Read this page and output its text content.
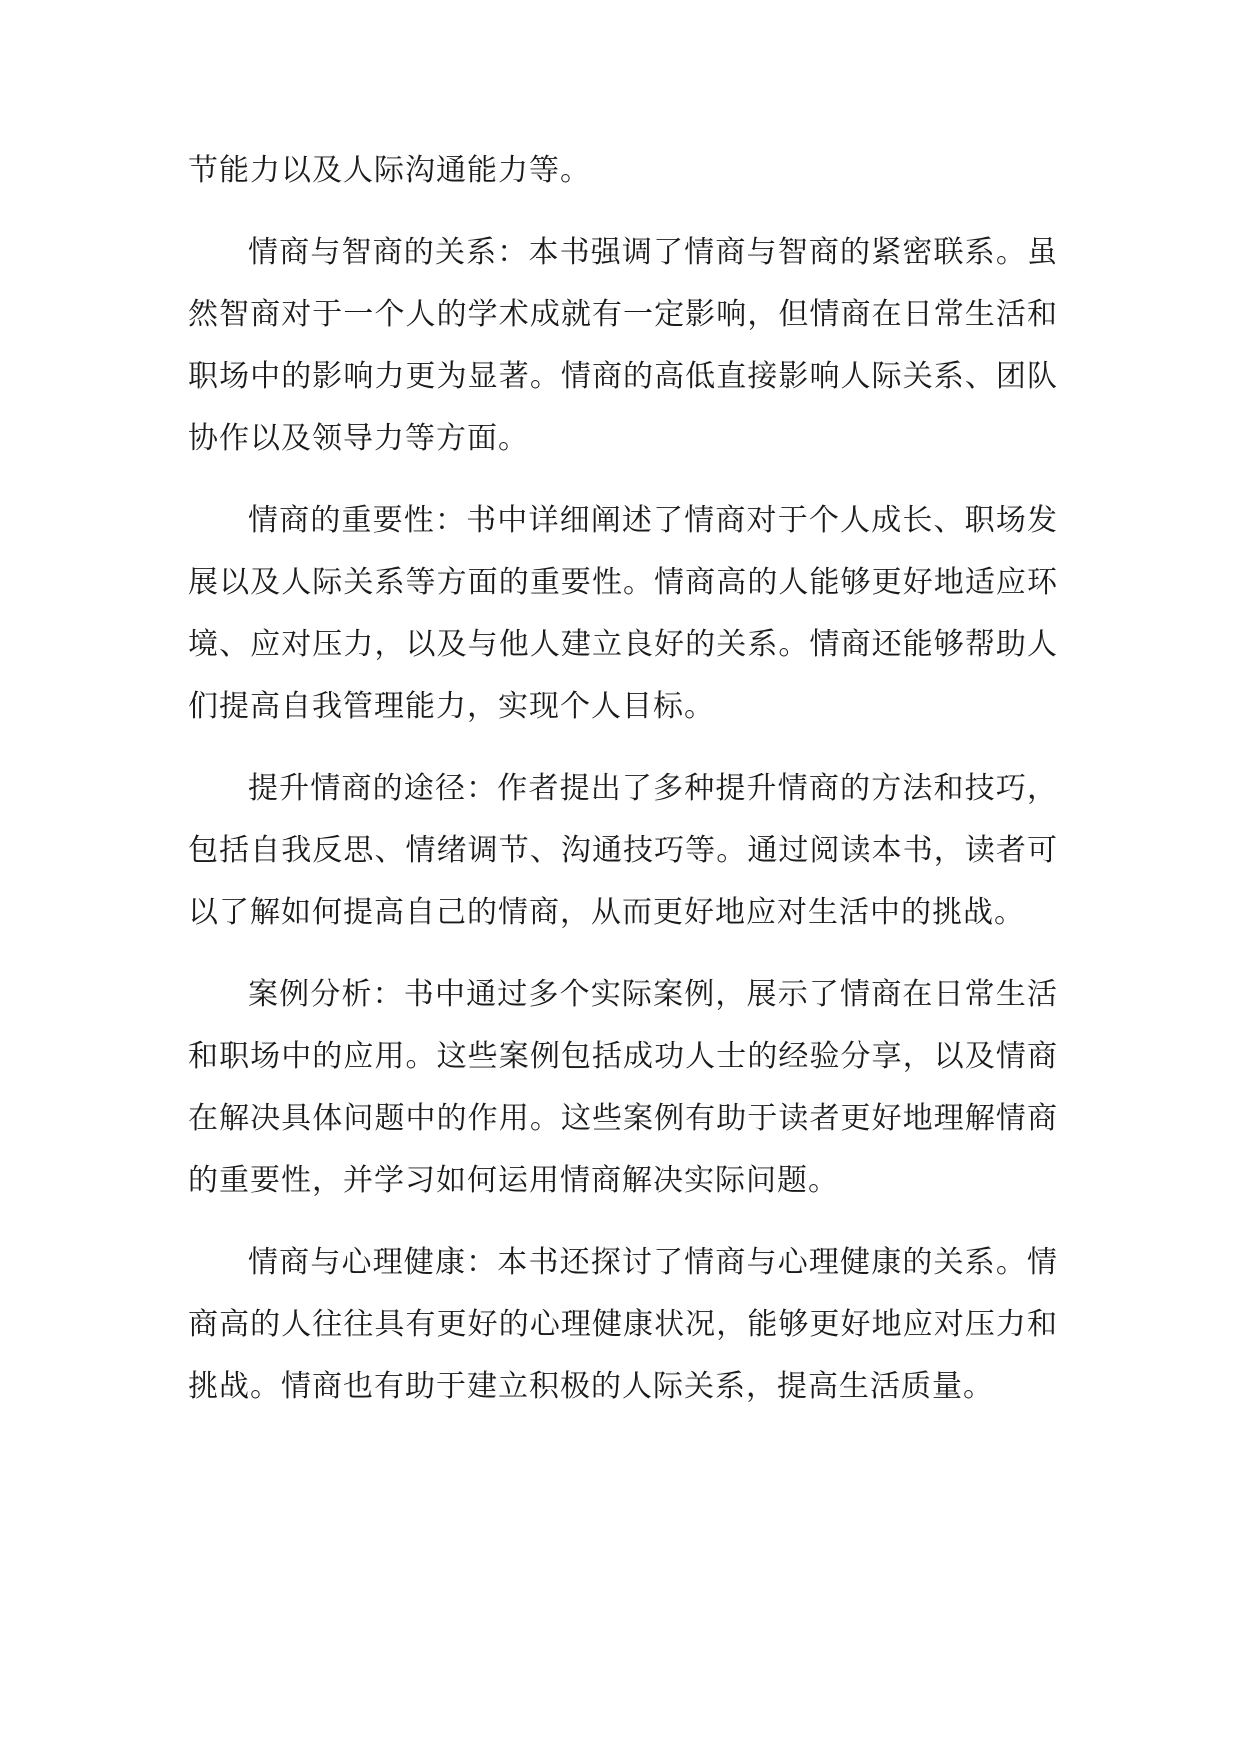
节能力以及人际沟通能力等。

情商与智商的关系：本书强调了情商与智商的紧密联系。虽然智商对于一个人的学术成就有一定影响，但情商在日常生活和职场中的影响力更为显著。情商的高低直接影响人际关系、团队协作以及领导力等方面。

情商的重要性：书中详细阐述了情商对于个人成长、职场发展以及人际关系等方面的重要性。情商高的人能够更好地适应环境、应对压力，以及与他人建立良好的关系。情商还能够帮助人们提高自我管理能力，实现个人目标。

提升情商的途径：作者提出了多种提升情商的方法和技巧，包括自我反思、情绪调节、沟通技巧等。通过阅读本书，读者可以了解如何提高自己的情商，从而更好地应对生活中的挑战。

案例分析：书中通过多个实际案例，展示了情商在日常生活和职场中的应用。这些案例包括成功人士的经验分享，以及情商在解决具体问题中的作用。这些案例有助于读者更好地理解情商的重要性，并学习如何运用情商解决实际问题。

情商与心理健康：本书还探讨了情商与心理健康的关系。情商高的人往往具有更好的心理健康状况，能够更好地应对压力和挑战。情商也有助于建立积极的人际关系，提高生活质量。
